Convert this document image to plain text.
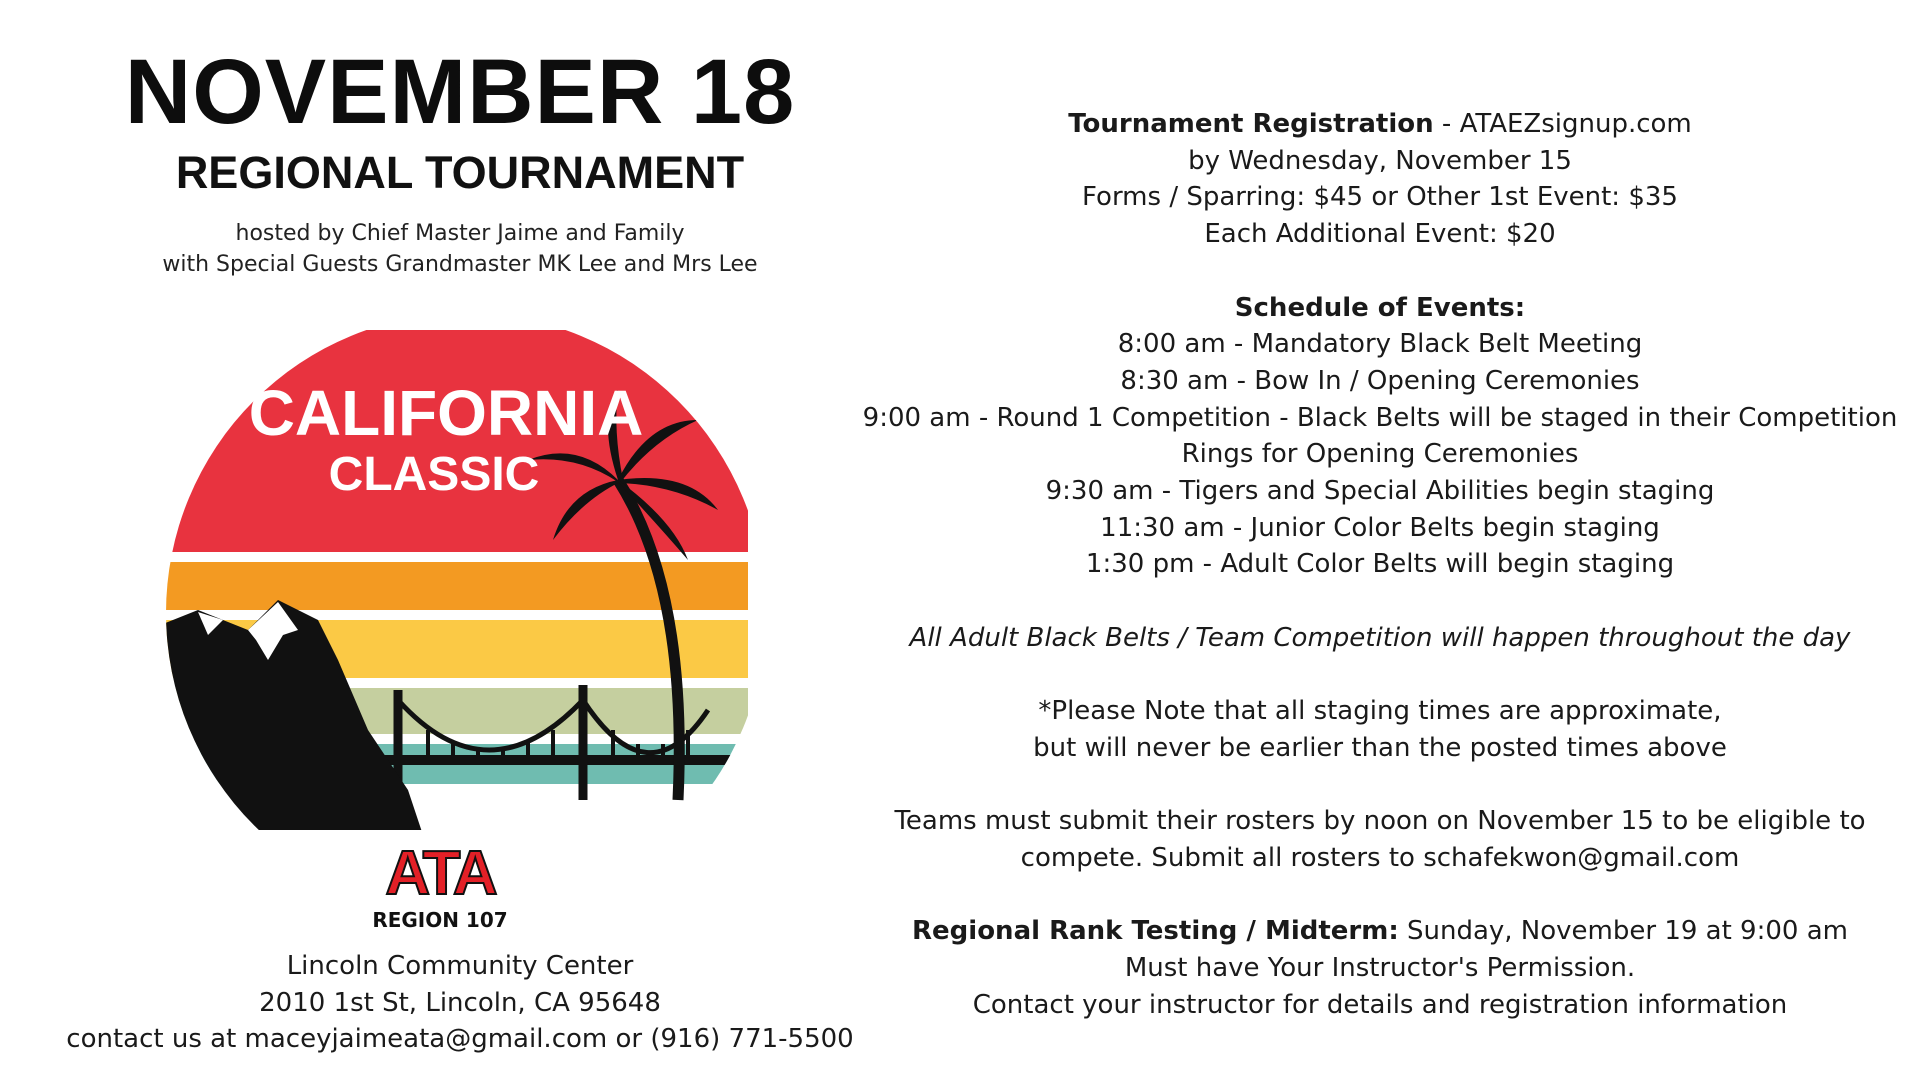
NOVEMBER 18
REGIONAL TOURNAMENT
hosted by Chief Master Jaime and Family
with Special Guests Grandmaster MK Lee and Mrs Lee
CALIFORNIA
CLASSIC
ATA
REGION 107
Lincoln Community Center
2010 1st St, Lincoln, CA 95648
contact us at maceyjaimeata@gmail.com or (916) 771-5500
Tournament Registration - ATAEZsignup.com
by Wednesday, November 15
Forms / Sparring: $45 or Other 1st Event: $35
Each Additional Event: $20
Schedule of Events:
8:00 am - Mandatory Black Belt Meeting
8:30 am - Bow In / Opening Ceremonies
9:00 am - Round 1 Competition - Black Belts will be staged in their Competition
Rings for Opening Ceremonies
9:30 am - Tigers and Special Abilities begin staging
11:30 am - Junior Color Belts begin staging
1:30 pm - Adult Color Belts will begin staging
All Adult Black Belts / Team Competition will happen throughout the day
*Please Note that all staging times are approximate,
but will never be earlier than the posted times above
Teams must submit their rosters by noon on November 15 to be eligible to
compete. Submit all rosters to schafekwon@gmail.com
Regional Rank Testing / Midterm: Sunday, November 19 at 9:00 am
Must have Your Instructor's Permission.
Contact your instructor for details and registration information
